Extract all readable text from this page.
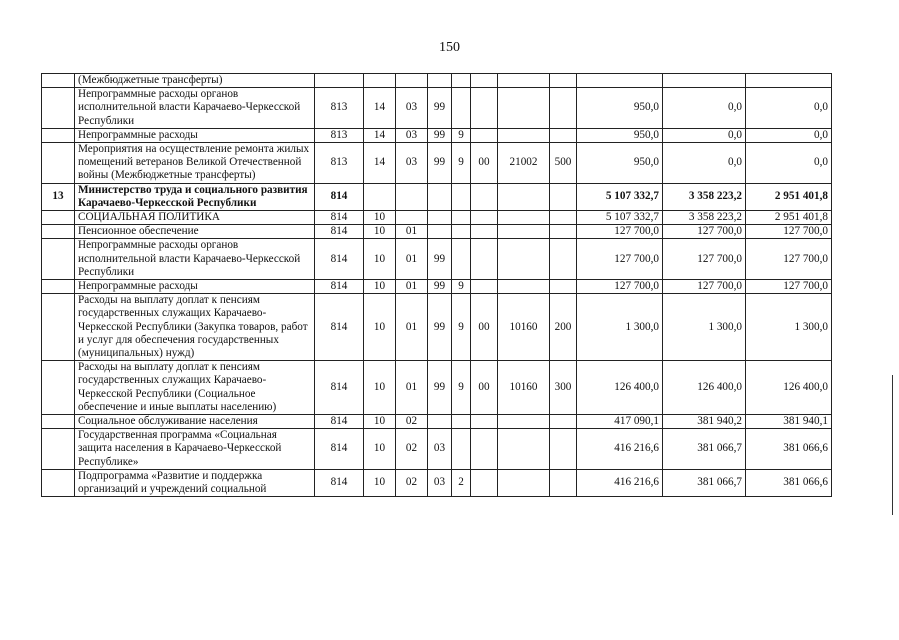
150
	(Межбюджетные трансферты)											
	Непрограммные расходы органов исполнительной власти Карачаево-Черкесской Республики	813	14	03	99					950,0	0,0	0,0
	Непрограммные расходы	813	14	03	99	9				950,0	0,0	0,0
	Мероприятия на осуществление ремонта жилых помещений ветеранов Великой Отечественной войны (Межбюджетные трансферты)	813	14	03	99	9	00	21002	500	950,0	0,0	0,0
13	Министерство труда и социального развития Карачаево-Черкесской Республики	814								5 107 332,7	3 358 223,2	2 951 401,8
	СОЦИАЛЬНАЯ ПОЛИТИКА	814	10							5 107 332,7	3 358 223,2	2 951 401,8
	Пенсионное обеспечение	814	10	01						127 700,0	127 700,0	127 700,0
	Непрограммные расходы органов исполнительной власти Карачаево-Черкесской Республики	814	10	01	99					127 700,0	127 700,0	127 700,0
	Непрограммные расходы	814	10	01	99	9				127 700,0	127 700,0	127 700,0
	Расходы на выплату доплат к пенсиям государственных служащих Карачаево-Черкесской Республики (Закупка товаров, работ и услуг для обеспечения государственных (муниципальных) нужд)	814	10	01	99	9	00	10160	200	1 300,0	1 300,0	1 300,0
	Расходы на выплату доплат к пенсиям государственных служащих Карачаево-Черкесской Республики (Социальное обеспечение и иные выплаты населению)	814	10	01	99	9	00	10160	300	126 400,0	126 400,0	126 400,0
	Социальное обслуживание населения	814	10	02						417 090,1	381 940,2	381 940,1
	Государственная программа «Социальная защита населения в Карачаево-Черкесской Республике»	814	10	02	03					416 216,6	381 066,7	381 066,6
	Подпрограмма «Развитие и поддержка организаций и учреждений социальной	814	10	02	03	2				416 216,6	381 066,7	381 066,6
